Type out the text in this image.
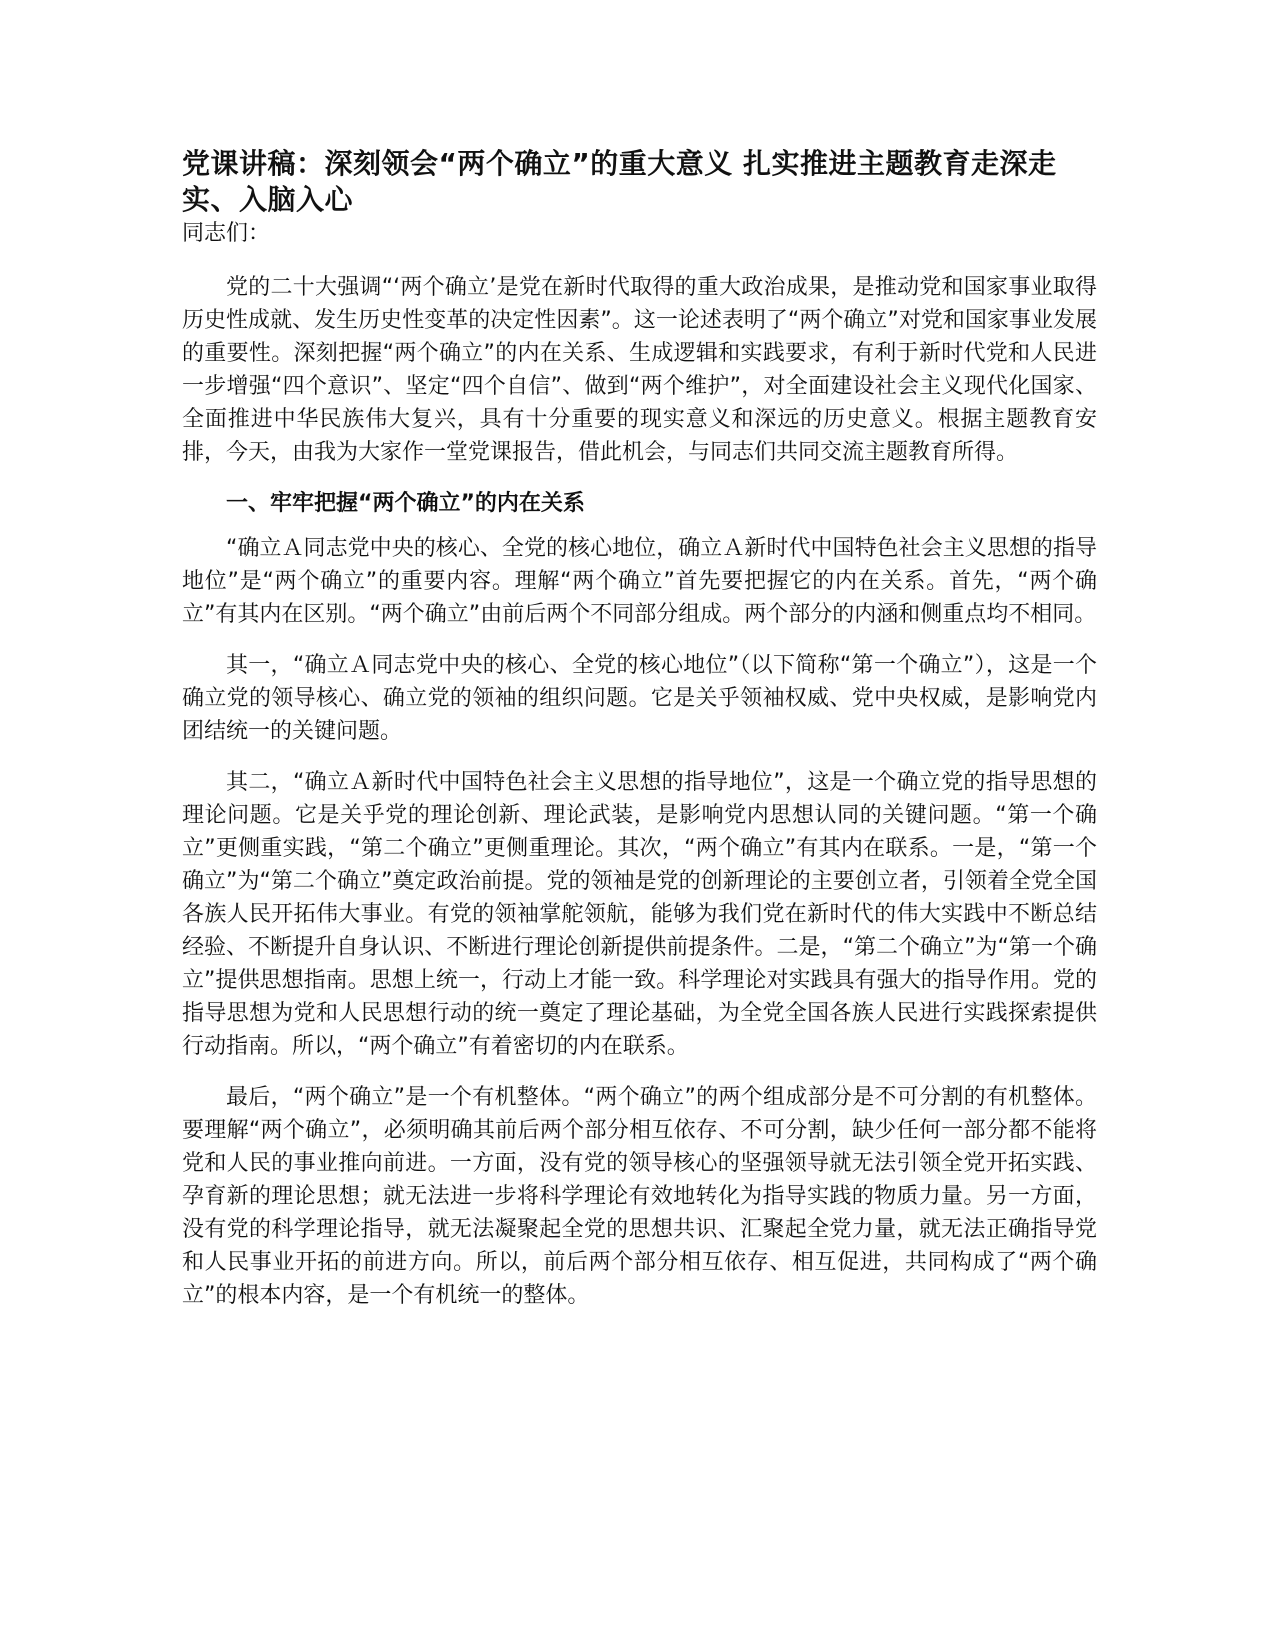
党课讲稿：深刻领会“两个确立”的重大意义 扎实推进主题教育走深走实、入脑入心

同志们：

党的二十大强调“‘两个确立’是党在新时代取得的重大政治成果，是推动党和国家事业取得历史性成就、发生历史性变革的决定性因素”。这一论述表明了“两个确立”对党和国家事业发展的重要性。深刻把握“两个确立”的内在关系、生成逻辑和实践要求，有利于新时代党和人民进一步增强“四个意识”、坚定“四个自信”、做到“两个维护”，对全面建设社会主义现代化国家、全面推进中华民族伟大复兴，具有十分重要的现实意义和深远的历史意义。根据主题教育安排，今天，由我为大家作一堂党课报告，借此机会，与同志们共同交流主题教育所得。

一、牢牢把握“两个确立”的内在关系

“确立Ａ同志党中央的核心、全党的核心地位，确立Ａ新时代中国特色社会主义思想的指导地位”是“两个确立”的重要内容。理解“两个确立”首先要把握它的内在关系。首先，“两个确立”有其内在区别。“两个确立”由前后两个不同部分组成。两个部分的内涵和侧重点均不相同。

其一，“确立Ａ同志党中央的核心、全党的核心地位”（以下简称“第一个确立”），这是一个确立党的领导核心、确立党的领袖的组织问题。它是关乎领袖权威、党中央权威，是影响党内团结统一的关键问题。

其二，“确立Ａ新时代中国特色社会主义思想的指导地位”，这是一个确立党的指导思想的理论问题。它是关乎党的理论创新、理论武装，是影响党内思想认同的关键问题。“第一个确立”更侧重实践，“第二个确立”更侧重理论。其次，“两个确立”有其内在联系。一是，“第一个确立”为“第二个确立”奠定政治前提。党的领袖是党的创新理论的主要创立者，引领着全党全国各族人民开拓伟大事业。有党的领袖掌舵领航，能够为我们党在新时代的伟大实践中不断总结经验、不断提升自身认识、不断进行理论创新提供前提条件。二是，“第二个确立”为“第一个确立”提供思想指南。思想上统一，行动上才能一致。科学理论对实践具有强大的指导作用。党的指导思想为党和人民思想行动的统一奠定了理论基础，为全党全国各族人民进行实践探索提供行动指南。所以，“两个确立”有着密切的内在联系。

最后，“两个确立”是一个有机整体。“两个确立”的两个组成部分是不可分割的有机整体。要理解“两个确立”，必须明确其前后两个部分相互依存、不可分割，缺少任何一部分都不能将党和人民的事业推向前进。一方面，没有党的领导核心的坚强领导就无法引领全党开拓实践、孕育新的理论思想；就无法进一步将科学理论有效地转化为指导实践的物质力量。另一方面，没有党的科学理论指导，就无法凝聚起全党的思想共识、汇聚起全党力量，就无法正确指导党和人民事业开拓的前进方向。所以，前后两个部分相互依存、相互促进，共同构成了“两个确立”的根本内容，是一个有机统一的整体。
